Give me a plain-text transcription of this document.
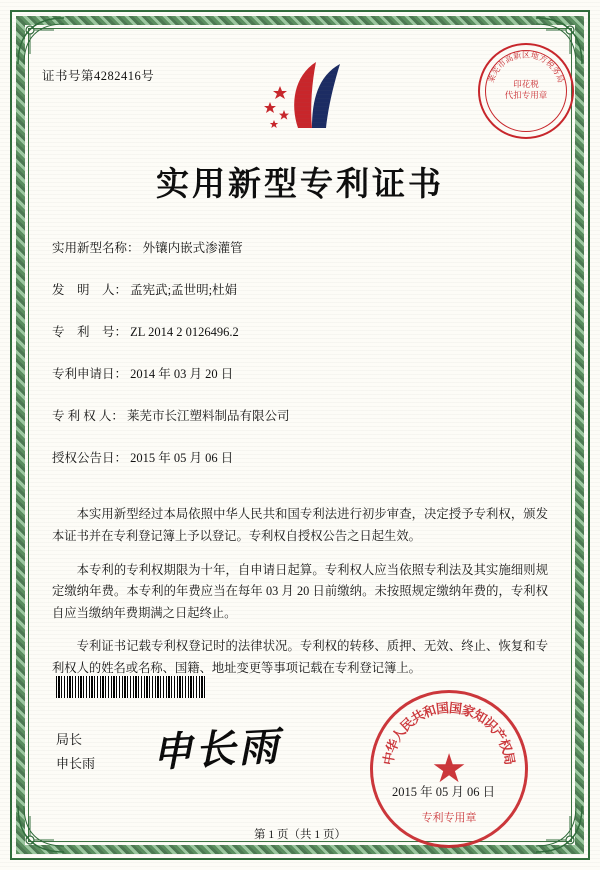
证书号第4282416号
实用新型专利证书
实用新型名称： 外镶内嵌式渗灌管
发　明　人： 孟宪武;孟世明;杜娟
专　利　号： ZL 2014 2 0126496.2
专利申请日： 2014 年 03 月 20 日
专 利 权 人： 莱芜市长江塑料制品有限公司
授权公告日： 2015 年 05 月 06 日

本实用新型经过本局依照中华人民共和国专利法进行初步审查，决定授予专利权，颁发本证书并在专利登记簿上予以登记。专利权自授权公告之日起生效。

本专利的专利权期限为十年，自申请日起算。专利权人应当依照专利法及其实施细则规定缴纳年费。本专利的年费应当在每年 03 月 20 日前缴纳。未按照规定缴纳年费的，专利权自应当缴纳年费期满之日起终止。

专利证书记载专利权登记时的法律状况。专利权的转移、质押、无效、终止、恢复和专利权人的姓名或名称、国籍、地址变更等事项记载在专利登记簿上。

局长
申长雨 申长雨
2015 年 05 月 06 日
第 1 页（共 1 页）
莱
芜
市
高
新 区 地
方
税
务
局
印花税
代扣专用章
中
华
人
民
共
和
国
国
家
知
识
产
权
局
★
专利专用章
